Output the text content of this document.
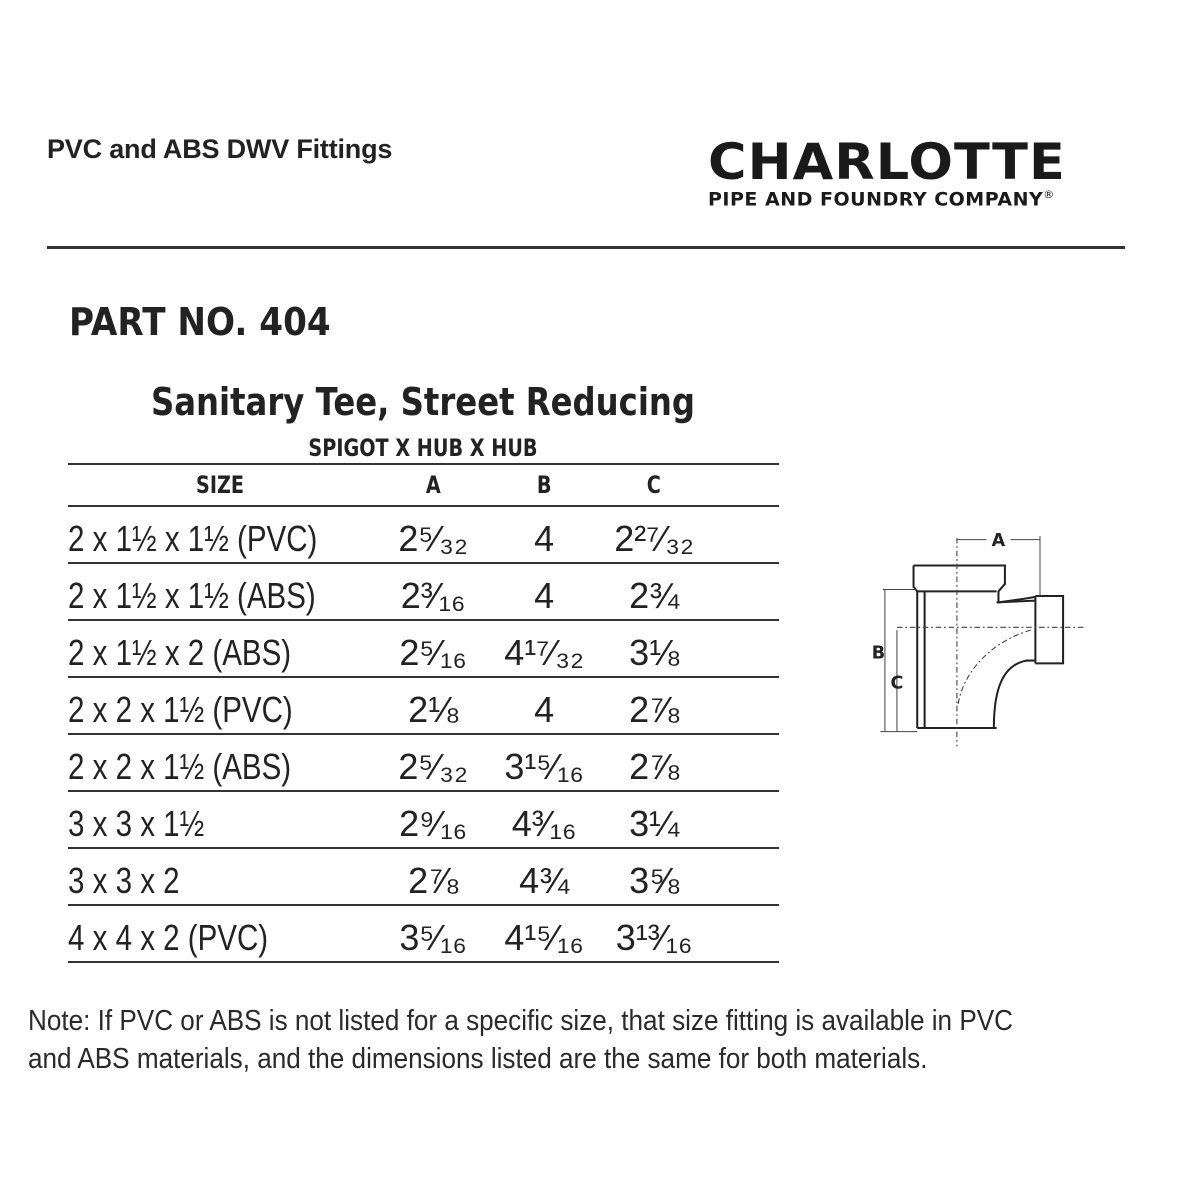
PVC and ABS DWV Fittings	CHARLOTTE
PIPE AND FOUNDRY COMPANY®
PART NO. 404
Sanitary Tee, Street Reducing
SPIGOT X HUB X HUB
SIZE	A	B	C	
2 x 1½ x 1½ (PVC)	2⁵⁄₃₂	4	2²⁷⁄₃₂	
2 x 1½ x 1½ (ABS)	2³⁄₁₆	4	2¾	
2 x 1½ x 2 (ABS)	2⁵⁄₁₆	4¹⁷⁄₃₂	3⅛	
2 x 2 x 1½ (PVC)	2⅛	4	2⅞	
2 x 2 x 1½ (ABS)	2⁵⁄₃₂	3¹⁵⁄₁₆	2⅞	
3 x 3 x 1½	2⁹⁄₁₆	4³⁄₁₆	3¼	
3 x 3 x 2	2⅞	4¾	3⅝	
4 x 4 x 2 (PVC)	3⁵⁄₁₆	4¹⁵⁄₁₆	3¹³⁄₁₆	
A
B
C
Note: If PVC or ABS is not listed for a specific size, that size fitting is available in PVC and ABS materials, and the dimensions listed are the same for both materials.
